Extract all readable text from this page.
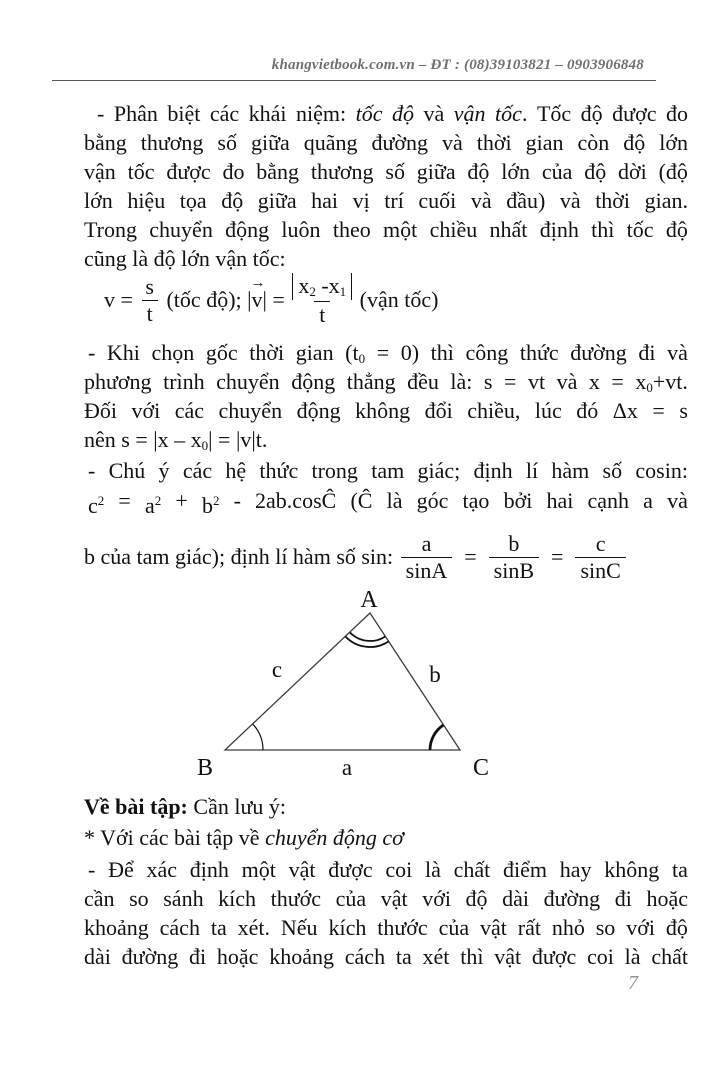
khangvietbook.com.vn – ĐT : (08)39103821 – 0903906848
- Phân biệt các khái niệm: tốc độ và vận tốc. Tốc độ được đo
bằng thương số giữa quãng đường và thời gian còn độ lớn
vận tốc được đo bằng thương số giữa độ lớn của độ dời (độ
lớn hiệu tọa độ giữa hai vị trí cuối và đầu) và thời gian.
Trong chuyển động luôn theo một chiều nhất định thì tốc độ
cũng là độ lớn vận tốc:
$v = \frac{s}{t}$ (tốc độ); | v
→
| = $\frac{x2 -x1}{t}$ (vận tốc)
- Khi chọn gốc thời gian (t0 = 0) thì công thức đường đi và
phương trình chuyển động thẳng đều là: s = vt và x = x0+vt.
Đối với các chuyển động không đổi chiều, lúc đó Δx = s
nên s = |x – x0| = |v|t.
- Chú ý các hệ thức trong tam giác; định lí hàm số cosin:
$c^2 = a^2 + b^2$ - 2ab.cosĈ (Ĉ là góc tạo bởi hai cạnh a và
b của tam giác); định lí hàm số sin: $\frac{a}{\sin A} = \frac{b}{\sin B} = \frac{c}{\sin C}$
A
B	C
a
b
c
Về bài tập: Cần lưu ý:
* Với các bài tập về chuyển động cơ
- Để xác định một vật được coi là chất điểm hay không ta
cần so sánh kích thước của vật với độ dài đường đi hoặc
khoảng cách ta xét. Nếu kích thước của vật rất nhỏ so với độ
dài đường đi hoặc khoảng cách ta xét thì vật được coi là chất
7
